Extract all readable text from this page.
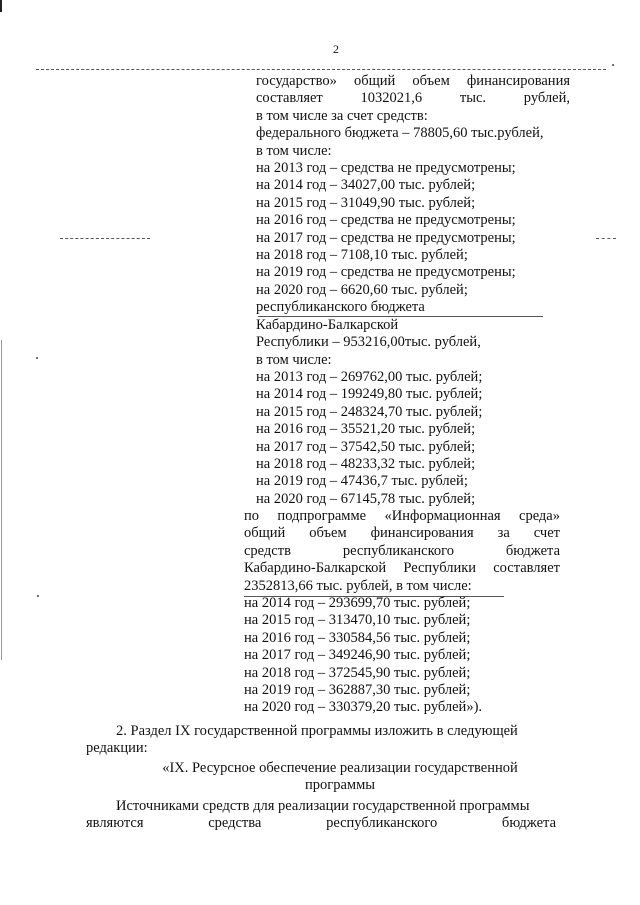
2
государство» общий объем финансирования
составляет 1032021,6 тыс. рублей,
в том числе за счет средств:
федерального бюджета – 78805,60 тыс.рублей,
в том числе:
на 2013 год – средства не предусмотрены;
на 2014 год – 34027,00 тыс. рублей;
на 2015 год – 31049,90 тыс. рублей;
на 2016 год – средства не предусмотрены;
на 2017 год – средства не предусмотрены;
на 2018 год – 7108,10 тыс. рублей;
на 2019 год – средства не предусмотрены;
на 2020 год – 6620,60 тыс. рублей;
республиканского бюджета
Кабардино-Балкарской
Республики – 953216,00тыс. рублей,
в том числе:
на 2013 год – 269762,00 тыс. рублей;
на 2014 год – 199249,80 тыс. рублей;
на 2015 год – 248324,70 тыс. рублей;
на 2016 год – 35521,20 тыс. рублей;
на 2017 год – 37542,50 тыс. рублей;
на 2018 год – 48233,32 тыс. рублей;
на 2019 год – 47436,7 тыс. рублей;
на 2020 год – 67145,78 тыс. рублей;
по подпрограмме «Информационная среда»
общий объем финансирования за счет
средств республиканского бюджета
Кабардино-Балкарской Республики составляет
2352813,66 тыс. рублей, в том числе:
на 2014 год – 293699,70 тыс. рублей;
на 2015 год – 313470,10 тыс. рублей;
на 2016 год – 330584,56 тыс. рублей;
на 2017 год – 349246,90 тыс. рублей;
на 2018 год – 372545,90 тыс. рублей;
на 2019 год – 362887,30 тыс. рублей;
на 2020 год – 330379,20 тыс. рублей»).
2. Раздел IX государственной программы изложить в следующей
редакции:
«IX. Ресурсное обеспечение реализации государственной
программы
Источниками средств для реализации государственной программы
являются средства республиканского бюджета
